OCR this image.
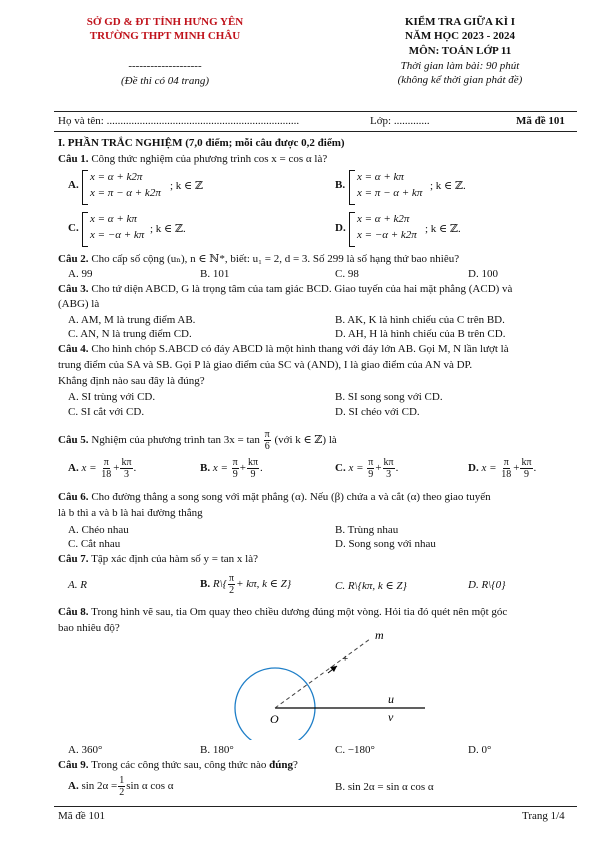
SỞ GD & ĐT TỈNH HƯNG YÊN
TRƯỜNG THPT MINH CHÂU
--------------------
(Đề thi có 04 trang)
KIỂM TRA GIỮA KÌ I
NĂM HỌC 2023 - 2024
MÔN: TOÁN LỚP 11
Thời gian làm bài: 90 phút
(không kể thời gian phát đề)
Họ và tên: ......................................................................	Lớp: .............	Mã đề 101
I. PHẦN TRẮC NGHIỆM (7,0 điểm; mỗi câu được 0,2 điểm)
Câu 1. Công thức nghiệm của phương trình cos x = cos α là?
A.
x = α + k2π
x = π − α + k2π
; k ∈ ℤ	B.
x = α + kπ
x = π − α + kπ
; k ∈ ℤ.
C.
x = α + kπ
x = −α + kπ ; k ∈ ℤ.	D.
x = α + k2π
x = −α + k2π ; k ∈ ℤ.
Câu 2. Cho cấp số cộng (uₙ), n ∈ ℕ*, biết: u₁ = 2, d = 3. Số 299 là số hạng thứ bao nhiêu?
A. 99	B. 101	C. 98	D. 100
Câu 3. Cho tứ diện ABCD, G là trọng tâm của tam giác BCD. Giao tuyến của hai mặt phẳng (ACD) và
(ABG) là
A. AM, M là trung điểm AB.	B. AK, K là hình chiếu của C trên BD.
C. AN, N là trung điểm CD.	D. AH, H là hình chiếu của B trên CD.
Câu 4. Cho hình chóp S.ABCD có đáy ABCD là một hình thang với đáy lớn AB. Gọi M, N lần lượt là
trung điểm của SA và SB. Gọi P là giao điểm của SC và (AND), I là giao điểm của AN và DP.
Khẳng định nào sau đây là đúng?
A. SI trùng với CD.	B. SI song song với CD.
C. SI cắt với CD.	D. SI chéo với CD.
Câu 5. Nghiệm của phương trình $\tan 3x = \tan \frac{\pi}{6}$ (với k ∈ ℤ) là
A. $x = \frac{\pi}{18} + \frac{k\pi}{3}$ .	B. $x = \frac{\pi}{9} + \frac{k\pi}{9}$ .	C. $x = \frac{\pi}{9} + \frac{k\pi}{3}$ .	D. $x = \frac{\pi}{18} + \frac{k\pi}{9}$ .
Câu 6. Cho đường thẳng a song song với mặt phẳng (α). Nếu (β) chứa a và cắt (α) theo giao tuyến
là b thì a và b là hai đường thẳng
A. Chéo nhau	B. Trùng nhau
C. Cắt nhau	D. Song song với nhau
Câu 7. Tập xác định của hàm số y = tan x là?
A. R	B. R\{ $\frac{\pi}{2} + k\pi$, k ∈ Z}	C. R\{kπ, k ∈ Z}	D. R\{0}
Câu 8. Trong hình vẽ sau, tia Om quay theo chiều dương đúng một vòng. Hỏi tia đó quét nên một góc
bao nhiêu độ?	m
+
u
v
O
A. 360°	B. 180°	C. −180°	D. 0°
Câu 9. Trong các công thức sau, công thức nào đúng?
A. $\sin 2\alpha = \frac{1}{2}$ sin α cos α	B. sin 2α = sin α cos α
Mã đề 101	Trang 1/4
